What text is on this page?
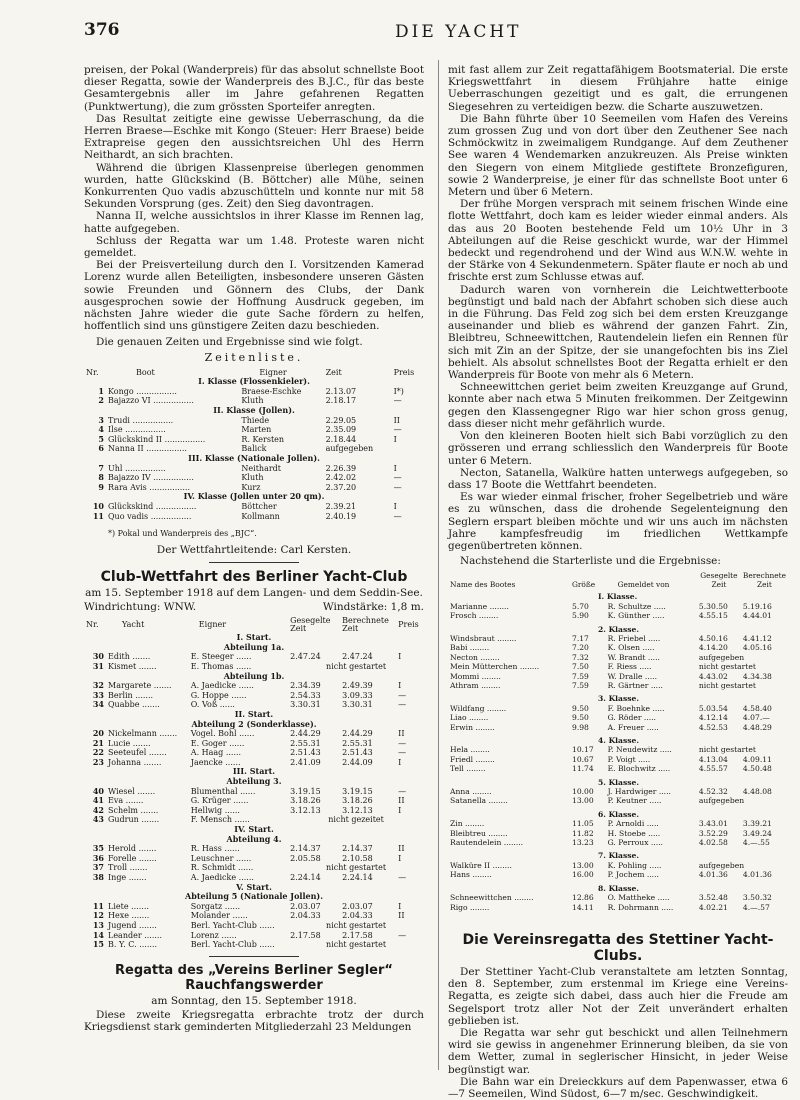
376	DIE YACHT

preisen, der Pokal (Wanderpreis) für das absolut schnellste Boot dieser Regatta, sowie der Wanderpreis des B.J.C., für das beste Gesamtergebnis aller im Jahre gefahrenen Regatten (Punktwertung), die zum grössten Sporteifer anregten.

Das Resultat zeitigte eine gewisse Ueberraschung, da die Herren Braese—Eschke mit Kongo (Steuer: Herr Braese) beide Extrapreise gegen den aussichtsreichen Uhl des Herrn Neithardt, an sich brachten.

Während die übrigen Klassenpreise überlegen genommen wurden, hatte Glückskind (B. Böttcher) alle Mühe, seinen Konkurrenten Quo vadis abzuschütteln und konnte nur mit 58 Sekunden Vorsprung (ges. Zeit) den Sieg davontragen.

Nanna II, welche aussichtslos in ihrer Klasse im Rennen lag, hatte aufgegeben.

Schluss der Regatta war um 1.48. Proteste waren nicht gemeldet.

Bei der Preisverteilung durch den I. Vorsitzenden Kamerad Lorenz wurde allen Beteiligten, insbesondere unseren Gästen sowie Freunden und Gönnern des Clubs, der Dank ausgesprochen sowie der Hoffnung Ausdruck gegeben, im nächsten Jahre wieder die gute Sache fördern zu helfen, hoffentlich sind uns günstigere Zeiten dazu beschieden.

Die genauen Zeiten und Ergebnisse sind wie folgt.

Zeitenliste.
Nr.	Boot	Eigner	Zeit	Preis
I. Klasse (Flossenkieler).				
1	Kongo ................	Braese-Eschke	2.13.07	I*)
2	Bajazzo VI ................	Kluth	2.18.17	—
II. Klasse (Jollen).				
3	Trudi ................	Thiede	2.29.05	II
4	Ilse ................	Marten	2.35.09	—
5	Glückskind II ................	R. Kersten	2.18.44	I
6	Nanna II ................	Balick	aufgegeben	
III. Klasse (Nationale Jollen).				
7	Uhl ................	Neithardt	2.26.39	I
8	Bajazzo IV ................	Kluth	2.42.02	—
9	Rara Avis ................	Kurz	2.37.20	—
IV. Klasse (Jollen unter 20 qm).				
10	Glückskind ................	Böttcher	2.39.21	I
11	Quo vadis ................	Kollmann	2.40.19	—
*) Pokal und Wanderpreis des „BJC“.
Der Wettfahrtleitende: Carl Kersten.
Club-Wettfahrt des Berliner Yacht-Club
am 15. September 1918 auf dem Langen- und dem Seddin-See.
Windrichtung: WNW.	Windstärke: 1,8 m.
Nr.	Yacht	Eigner	Gesegelte Zeit	Berechnete Zeit	Preis
I. Start.					
Abteilung 1a.					
30	Edith .......	E. Steeger ......	2.47.24	2.47.24	I
31	Kismet .......	E. Thomas ......	nicht gestartet		
Abteilung 1b.					
32	Margarete .......	A. Jaedicke ......	2.34.39	2.49.39	I
33	Berlin .......	G. Hoppe ......	2.54.33	3.09.33	—
34	Quabbe .......	O. Voß ......	3.30.31	3.30.31	—
II. Start.					
Abteilung 2 (Sonderklasse).					
20	Nickelmann .......	Vogel. Bohl ......	2.44.29	2.44.29	II
21	Lucie .......	E. Goger ......	2.55.31	2.55.31	—
22	Seeteufel .......	A. Haag ......	2.51.43	2.51.43	—
23	Johanna .......	Jaencke ......	2.41.09	2.44.09	I
III. Start.					
Abteilung 3.					
40	Wiesel .......	Blumenthal ......	3.19.15	3.19.15	—
41	Eva .......	G. Krüger ......	3.18.26	3.18.26	II
42	Schelm .......	Hellwig ......	3.12.13	3.12.13	I
43	Gudrun .......	F. Mensch ......	nicht gezeitet		
IV. Start.					
Abteilung 4.					
35	Herold .......	R. Hass ......	2.14.37	2.14.37	II
36	Forelle .......	Leuschner ......	2.05.58	2.10.58	I
37	Troll .......	R. Schmidt ......	nicht gestartet		
38	Inge .......	A. Jaedicke ......	2.24.14	2.24.14	—
V. Start.					
Abteilung 5 (Nationale Jollen).					
11	Liete .......	Sorgatz ......	2.03.07	2.03.07	I
12	Hexe .......	Molander ......	2.04.33	2.04.33	II
13	Jugend .......	Berl. Yacht-Club ......	nicht gestartet		
14	Leander .......	Lorenz ......	2.17.58	2.17.58	—
15	B. Y. C. .......	Berl. Yacht-Club ......	nicht gestartet		
Regatta des „Vereins Berliner Segler“ Rauchfangswerder
am Sonntag, den 15. September 1918.

Diese zweite Kriegsregatta erbrachte trotz der durch Kriegsdienst stark geminderten Mitgliederzahl 23 Meldungen

mit fast allem zur Zeit regattafähigem Bootsmaterial. Die erste Kriegswettfahrt in diesem Frühjahre hatte einige Ueberraschungen gezeitigt und es galt, die errungenen Siegesehren zu verteidigen bezw. die Scharte auszuwetzen.

Die Bahn führte über 10 Seemeilen vom Hafen des Vereins zum grossen Zug und von dort über den Zeuthener See nach Schmöckwitz in zweimaligem Rundgange. Auf dem Zeuthener See waren 4 Wendemarken anzukreuzen. Als Preise winkten den Siegern von einem Mitgliede gestiftete Bronzefiguren, sowie 2 Wanderpreise, je einer für das schnellste Boot unter 6 Metern und über 6 Metern.

Der frühe Morgen versprach mit seinem frischen Winde eine flotte Wettfahrt, doch kam es leider wieder einmal anders. Als das aus 20 Booten bestehende Feld um 10½ Uhr in 3 Abteilungen auf die Reise geschickt wurde, war der Himmel bedeckt und regendrohend und der Wind aus W.N.W. wehte in der Stärke von 4 Sekundenmetern. Später flaute er noch ab und frischte erst zum Schlusse etwas auf.

Dadurch waren von vornherein die Leichtwetterboote begünstigt und bald nach der Abfahrt schoben sich diese auch in die Führung. Das Feld zog sich bei dem ersten Kreuzgange auseinander und blieb es während der ganzen Fahrt. Zin, Bleibtreu, Schneewittchen, Rautendelein liefen ein Rennen für sich mit Zin an der Spitze, der sie unangefochten bis ins Ziel behielt. Als absolut schnellstes Boot der Regatta erhielt er den Wanderpreis für Boote von mehr als 6 Metern.

Schneewittchen geriet beim zweiten Kreuzgange auf Grund, konnte aber nach etwa 5 Minuten freikommen. Der Zeitgewinn gegen den Klassengegner Rigo war hier schon gross genug, dass dieser nicht mehr gefährlich wurde.

Von den kleineren Booten hielt sich Babi vorzüglich zu den grösseren und errang schliesslich den Wanderpreis für Boote unter 6 Metern.

Necton, Satanella, Walküre hatten unterwegs aufgegeben, so dass 17 Boote die Wettfahrt beendeten.

Es war wieder einmal frischer, froher Segelbetrieb und wäre es zu wünschen, dass die drohende Segelenteignung den Seglern erspart bleiben möchte und wir uns auch im nächsten Jahre kampfesfreudig im friedlichen Wettkampfe gegenübertreten können.

Nachstehend die Starterliste und die Ergebnisse:

Name des Bootes	Größe	Gemeldet von	Gesegelte Zeit	Berechnete Zeit
I. Klasse.				
Marianne ........	5.70	R. Schultze .....	5.30.50	5.19.16
Frosch ........	5.90	K. Günther .....	4.55.15	4.44.01

2. Klasse.				
Windsbraut ........	7.17	R. Friebel .....	4.50.16	4.41.12
Babi ........	7.20	K. Olsen .....	4.14.20	4.05.16
Necton ........	7.32	W. Brandt .....	aufgegeben	
Mein Mütterchen ........	7.50	F. Riess .....	nicht gestartet	
Mommi ........	7.59	W. Dralle .....	4.43.02	4.34.38
Athram ........	7.59	R. Gärtner .....	nicht gestartet	

3. Klasse.				
Wildfang ........	9.50	F. Boehnke .....	5.03.54	4.58.40
Liao ........	9.50	G. Röder .....	4.12.14	4.07.—
Erwin ........	9.98	A. Freuer .....	4.52.53	4.48.29

4. Klasse.				
Hela ........	10.17	P. Neudewitz .....	nicht gestartet	
Friedl ........	10.67	P. Voigt .....	4.13.04	4.09.11
Tell ........	11.74	E. Blochwitz .....	4.55.57	4.50.48

5. Klasse.				
Anna ........	10.00	J. Hardwiger .....	4.52.32	4.48.08
Satanella ........	13.00	P. Keutner .....	aufgegeben	

6. Klasse.				
Zin ........	11.05	P. Arnoldi .....	3.43.01	3.39.21
Bleibtreu ........	11.82	H. Stoebe .....	3.52.29	3.49.24
Rautendelein ........	13.23	G. Perroux .....	4.02.58	4.—.55

7. Klasse.				
Walküre II ........	13.00	K. Pohling .....	aufgegeben	
Hans ........	16.00	P. Jochem .....	4.01.36	4.01.36

8. Klasse.				
Schneewittchen ........	12.86	O. Mattheke .....	3.52.48	3.50.32
Rigo ........	14.11	R. Dohrmann .....	4.02.21	4.—.57

Die Vereinsregatta des Stettiner Yacht-Clubs.

Der Stettiner Yacht-Club veranstaltete am letzten Sonntag, den 8. September, zum erstenmal im Kriege eine Vereins-Regatta, es zeigte sich dabei, dass auch hier die Freude am Segelsport trotz aller Not der Zeit unverändert erhalten geblieben ist.

Die Regatta war sehr gut beschickt und allen Teilnehmern wird sie gewiss in angenehmer Erinnerung bleiben, da sie von dem Wetter, zumal in seglerischer Hinsicht, in jeder Weise begünstigt war.

Die Bahn war ein Dreieckkurs auf dem Papenwasser, etwa 6—7 Seemeilen, Wind Südost, 6—7 m/sec. Geschwindigkeit.
